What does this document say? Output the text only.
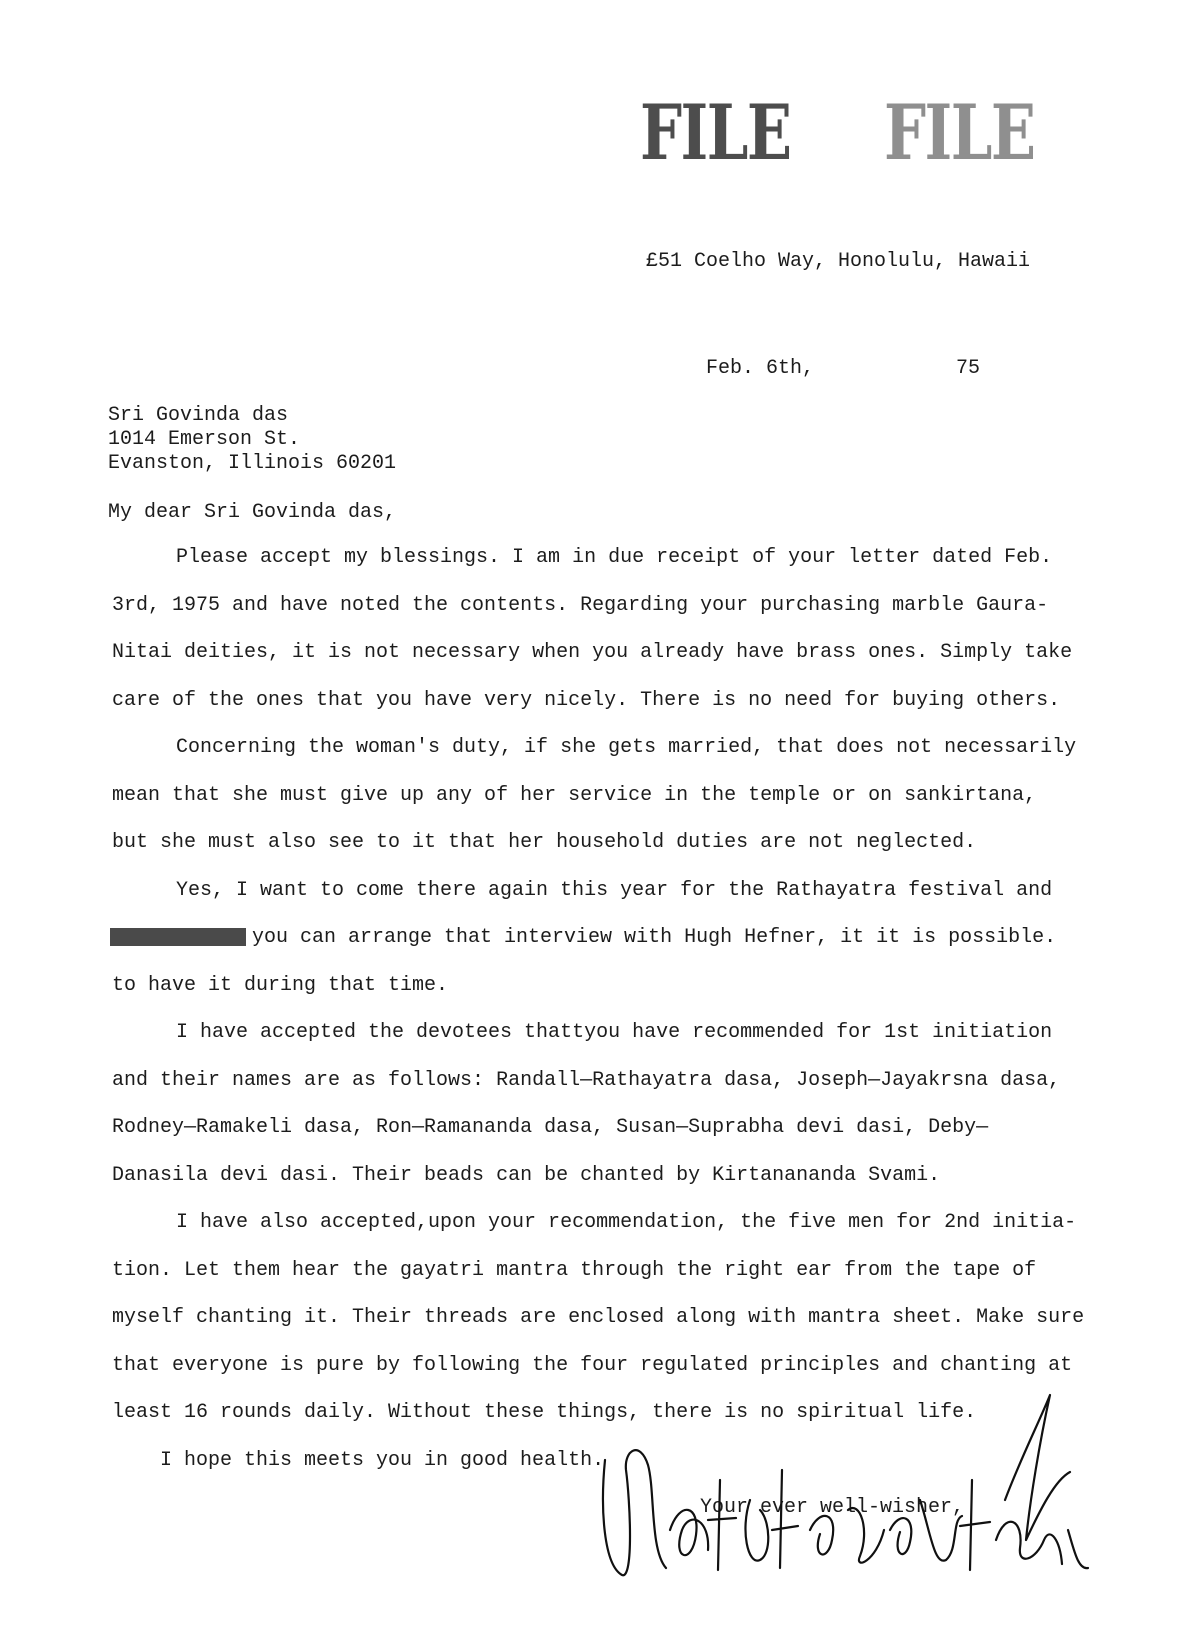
FILE FILE
£51 Coelho Way, Honolulu, Hawaii
Feb. 6th,	75
Sri Govinda das
1014 Emerson St.
Evanston, Illinois 60201
My dear Sri Govinda das,
Please accept my blessings. I am in due receipt of your letter dated Feb.
3rd, 1975 and have noted the contents. Regarding your purchasing marble Gaura-
Nitai deities, it is not necessary when you already have brass ones. Simply take
care of the ones that you have very nicely. There is no need for buying others.
Concerning the woman's duty, if she gets married, that does not necessarily
mean that she must give up any of her service in the temple or on sankirtana,
but she must also see to it that her household duties are not neglected.
Yes, I want to come there again this year for the Rathayatra festival and
you can arrange that interview with Hugh Hefner, it it is possible.
to have it during that time.
I have accepted the devotees thattyou have recommended for 1st initiation
and their names are as follows: Randall—Rathayatra dasa, Joseph—Jayakrsna dasa,
Rodney—Ramakeli dasa, Ron—Ramananda dasa, Susan—Suprabha devi dasi, Deby—
Danasila devi dasi. Their beads can be chanted by Kirtanananda Svami.
I have also accepted,upon your recommendation, the five men for 2nd initia-
tion. Let them hear the gayatri mantra through the right ear from the tape of
myself chanting it. Their threads are enclosed along with mantra sheet. Make sure
that everyone is pure by following the four regulated principles and chanting at
least 16 rounds daily. Without these things, there is no spiritual life.
I hope this meets you in good health.
Your ever well-wisher,
